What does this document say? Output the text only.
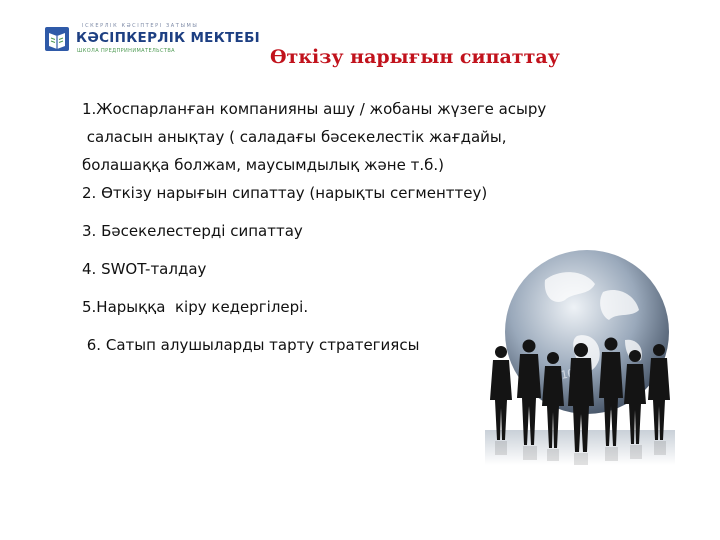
ІСКЕРЛІК КӘСІПТЕРІ ЗАТЫМЫ
КӘСІПКЕРЛІК МЕКТЕБІ
ШКОЛА ПРЕДПРИНИМАТЕЛЬСТВА	Өткізу нарығын сипаттау
1.Жоспарланған компанияны ашу / жобаны жүзеге асыру
саласын анықтау ( саладағы бәсекелестік жағдайы,
болашаққа болжам, маусымдылық және т.б.)
2. Өткізу нарығын сипаттау (нарықты сегменттеу)
3. Бәсекелестерді сипаттау
4. SWOT-талдау
5.Нарыққа  кіру кедергілері.
6. Сатып алушыларды тарту стратегиясы
